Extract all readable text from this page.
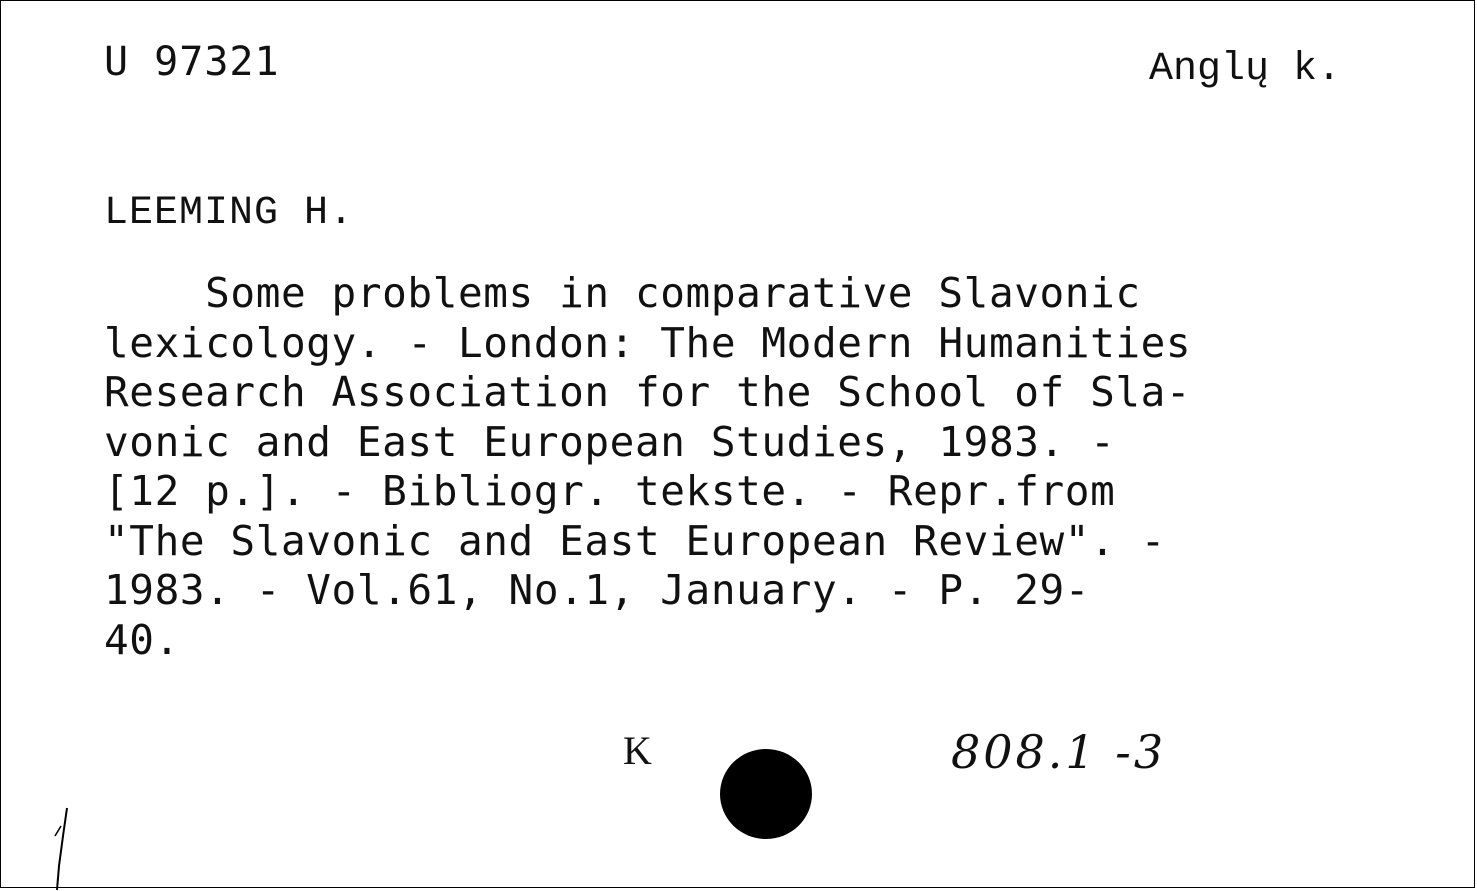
U 97321	Anglų k.
LEEMING H.
Some problems in comparative Slavonic
lexicology. - London: The Modern Humanities
Research Association for the School of Sla-
vonic and East European Studies, 1983. -
[12 p.]. - Bibliogr. tekste. - Repr.from
"The Slavonic and East European Review". -
1983. - Vol.61, No.1, January. - P. 29-
40.
K	808.1 -3
